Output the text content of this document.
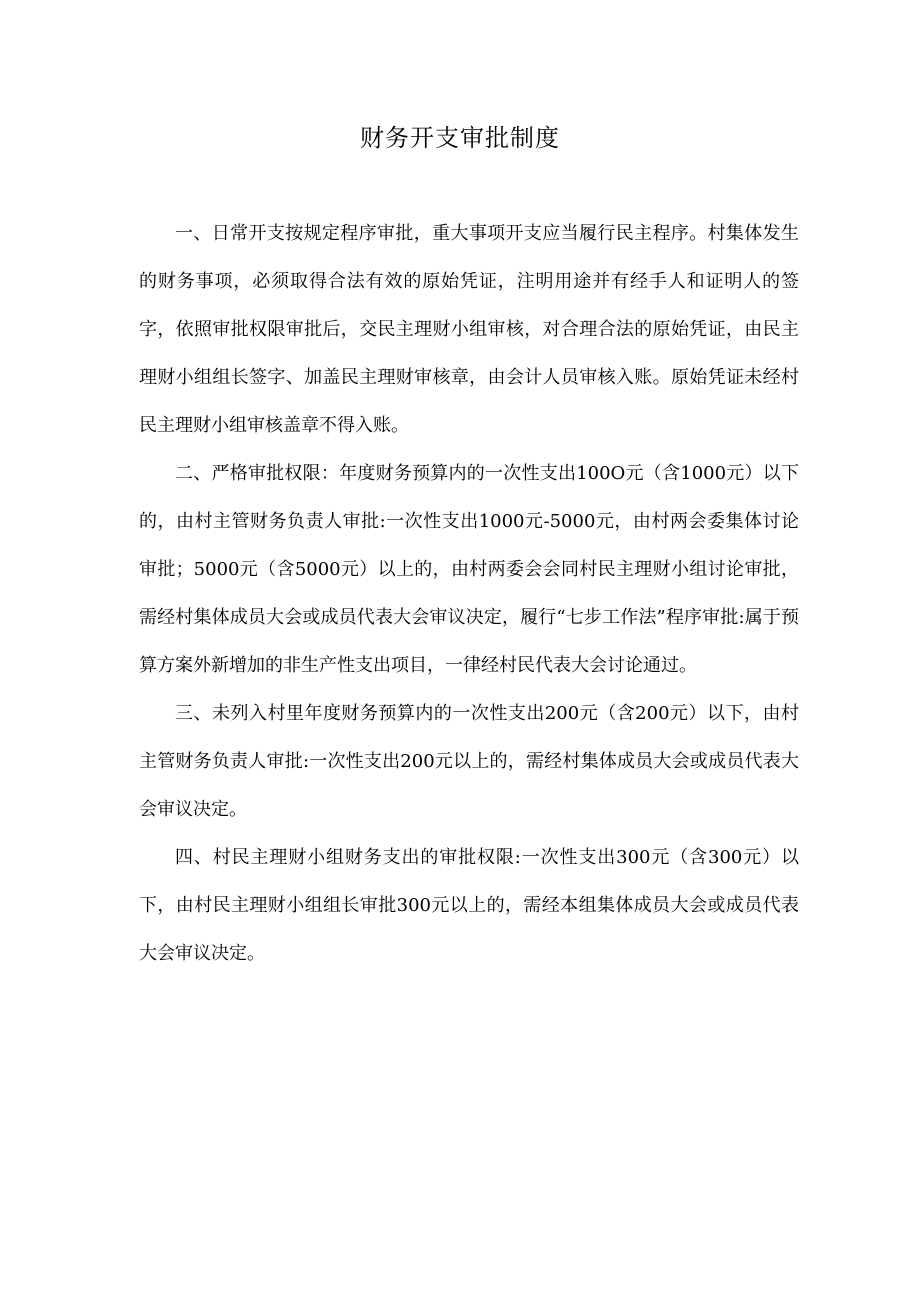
财务开支审批制度

一、日常开支按规定程序审批，重大事项开支应当履行民主程序。村集体发生的财务事项，必须取得合法有效的原始凭证，注明用途并有经手人和证明人的签字，依照审批权限审批后，交民主理财小组审核，对合理合法的原始凭证，由民主理财小组组长签字、加盖民主理财审核章，由会计人员审核入账。原始凭证未经村民主理财小组审核盖章不得入账。

二、严格审批权限：年度财务预算内的一次性支出100O元（含1000元）以下的，由村主管财务负责人审批:一次性支出1000元-5000元，由村两会委集体讨论审批；5000元（含5000元）以上的，由村两委会会同村民主理财小组讨论审批，需经村集体成员大会或成员代表大会审议决定，履行“七步工作法”程序审批:属于预算方案外新增加的非生产性支出项目，一律经村民代表大会讨论通过。

三、未列入村里年度财务预算内的一次性支出200元（含200元）以下，由村主管财务负责人审批:一次性支出200元以上的，需经村集体成员大会或成员代表大会审议决定。

四、村民主理财小组财务支出的审批权限:一次性支出300元（含300元）以下，由村民主理财小组组长审批300元以上的，需经本组集体成员大会或成员代表大会审议决定。
